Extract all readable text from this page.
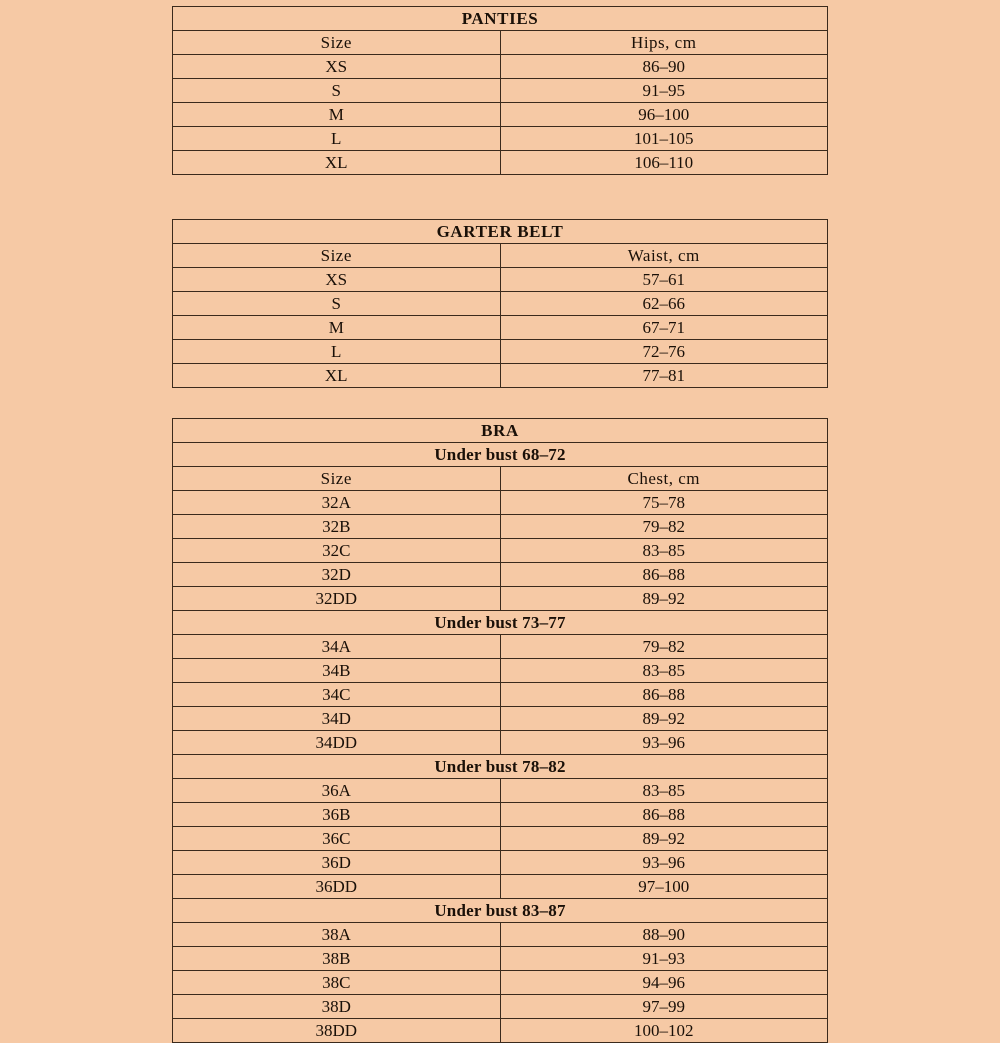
PANTIES	
Size	Hips, cm
XS	86–90
S	91–95
M	96–100
L	101–105
XL	106–110
GARTER BELT	
Size	Waist, cm
XS	57–61
S	62–66
M	67–71
L	72–76
XL	77–81
BRA	
Under bust 68–72	
Size	Chest, cm
32A	75–78
32B	79–82
32C	83–85
32D	86–88
32DD	89–92
Under bust 73–77	
34A	79–82
34B	83–85
34C	86–88
34D	89–92
34DD	93–96
Under bust 78–82	
36A	83–85
36B	86–88
36C	89–92
36D	93–96
36DD	97–100
Under bust 83–87	
38A	88–90
38B	91–93
38C	94–96
38D	97–99
38DD	100–102
